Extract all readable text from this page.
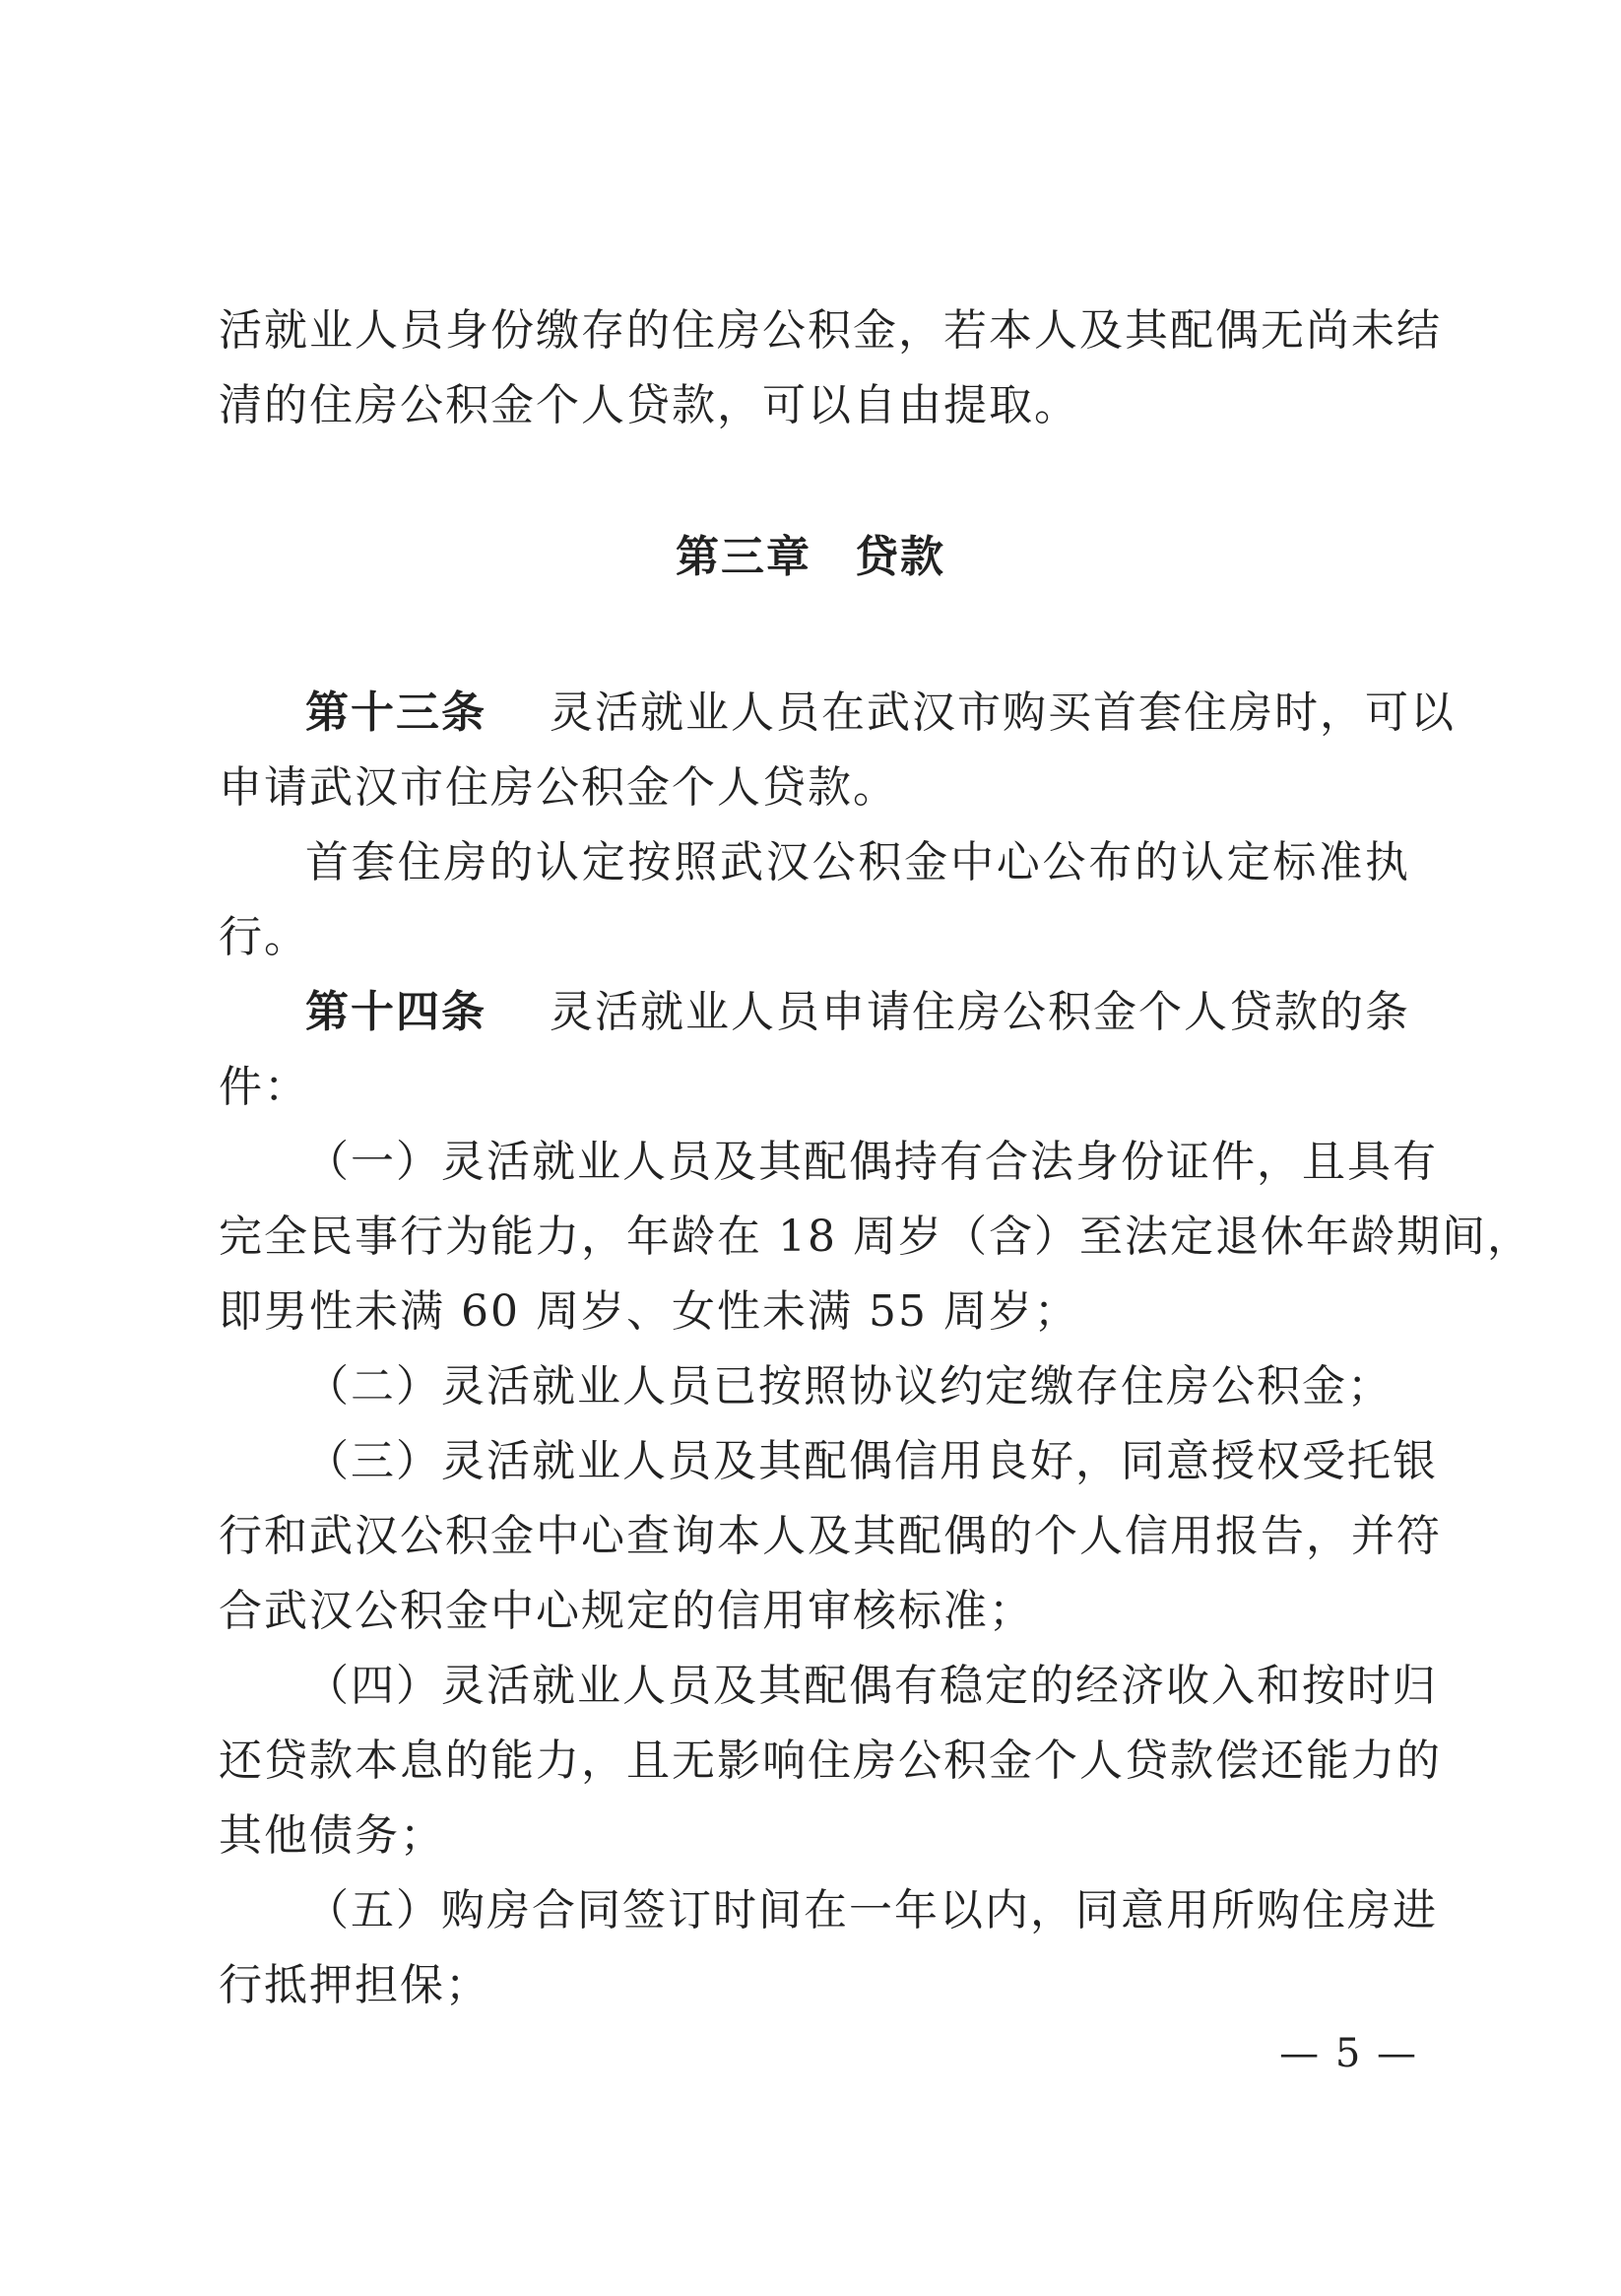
活就业人员身份缴存的住房公积金，若本人及其配偶无尚未结
清的住房公积金个人贷款，可以自由提取。
第三章 贷款
第十三条 灵活就业人员在武汉市购买首套住房时，可以
申请武汉市住房公积金个人贷款。
首套住房的认定按照武汉公积金中心公布的认定标准执
行。
第十四条 灵活就业人员申请住房公积金个人贷款的条
件：
（一）灵活就业人员及其配偶持有合法身份证件，且具有
完全民事行为能力，年龄在 18 周岁（含）至法定退休年龄期间，
即男性未满 60 周岁、女性未满 55 周岁；
（二）灵活就业人员已按照协议约定缴存住房公积金；
（三）灵活就业人员及其配偶信用良好，同意授权受托银
行和武汉公积金中心查询本人及其配偶的个人信用报告，并符
合武汉公积金中心规定的信用审核标准；
（四）灵活就业人员及其配偶有稳定的经济收入和按时归
还贷款本息的能力，且无影响住房公积金个人贷款偿还能力的
其他债务；
（五）购房合同签订时间在一年以内，同意用所购住房进
行抵押担保；
— 5 —
